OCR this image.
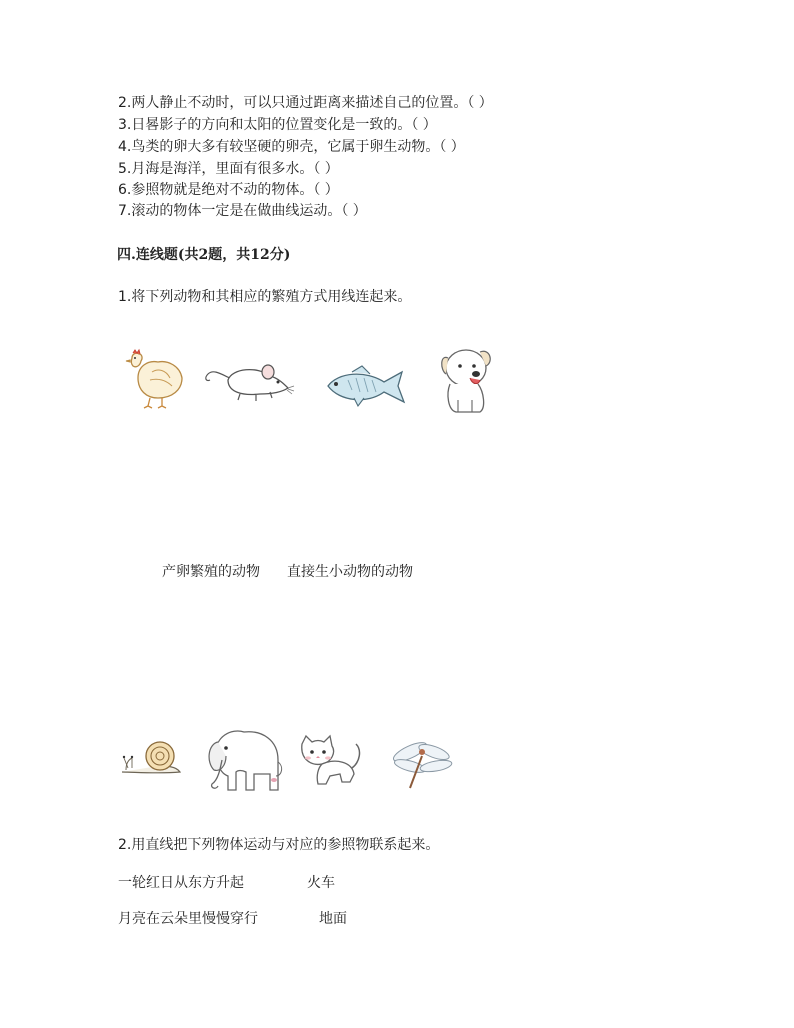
2.两人静止不动时，可以只通过距离来描述自己的位置。（ ）
3.日晷影子的方向和太阳的位置变化是一致的。（ ）
4.鸟类的卵大多有较坚硬的卵壳，它属于卵生动物。（ ）
5.月海是海洋，里面有很多水。（ ）
6.参照物就是绝对不动的物体。（ ）
7.滚动的物体一定是在做曲线运动。（ ）
四.连线题(共2题，共12分)
1.将下列动物和其相应的繁殖方式用线连起来。
产卵繁殖的动物 直接生小动物的动物
2.用直线把下列物体运动与对应的参照物联系起来。
一轮红日从东方升起	火车
月亮在云朵里慢慢穿行	地面
